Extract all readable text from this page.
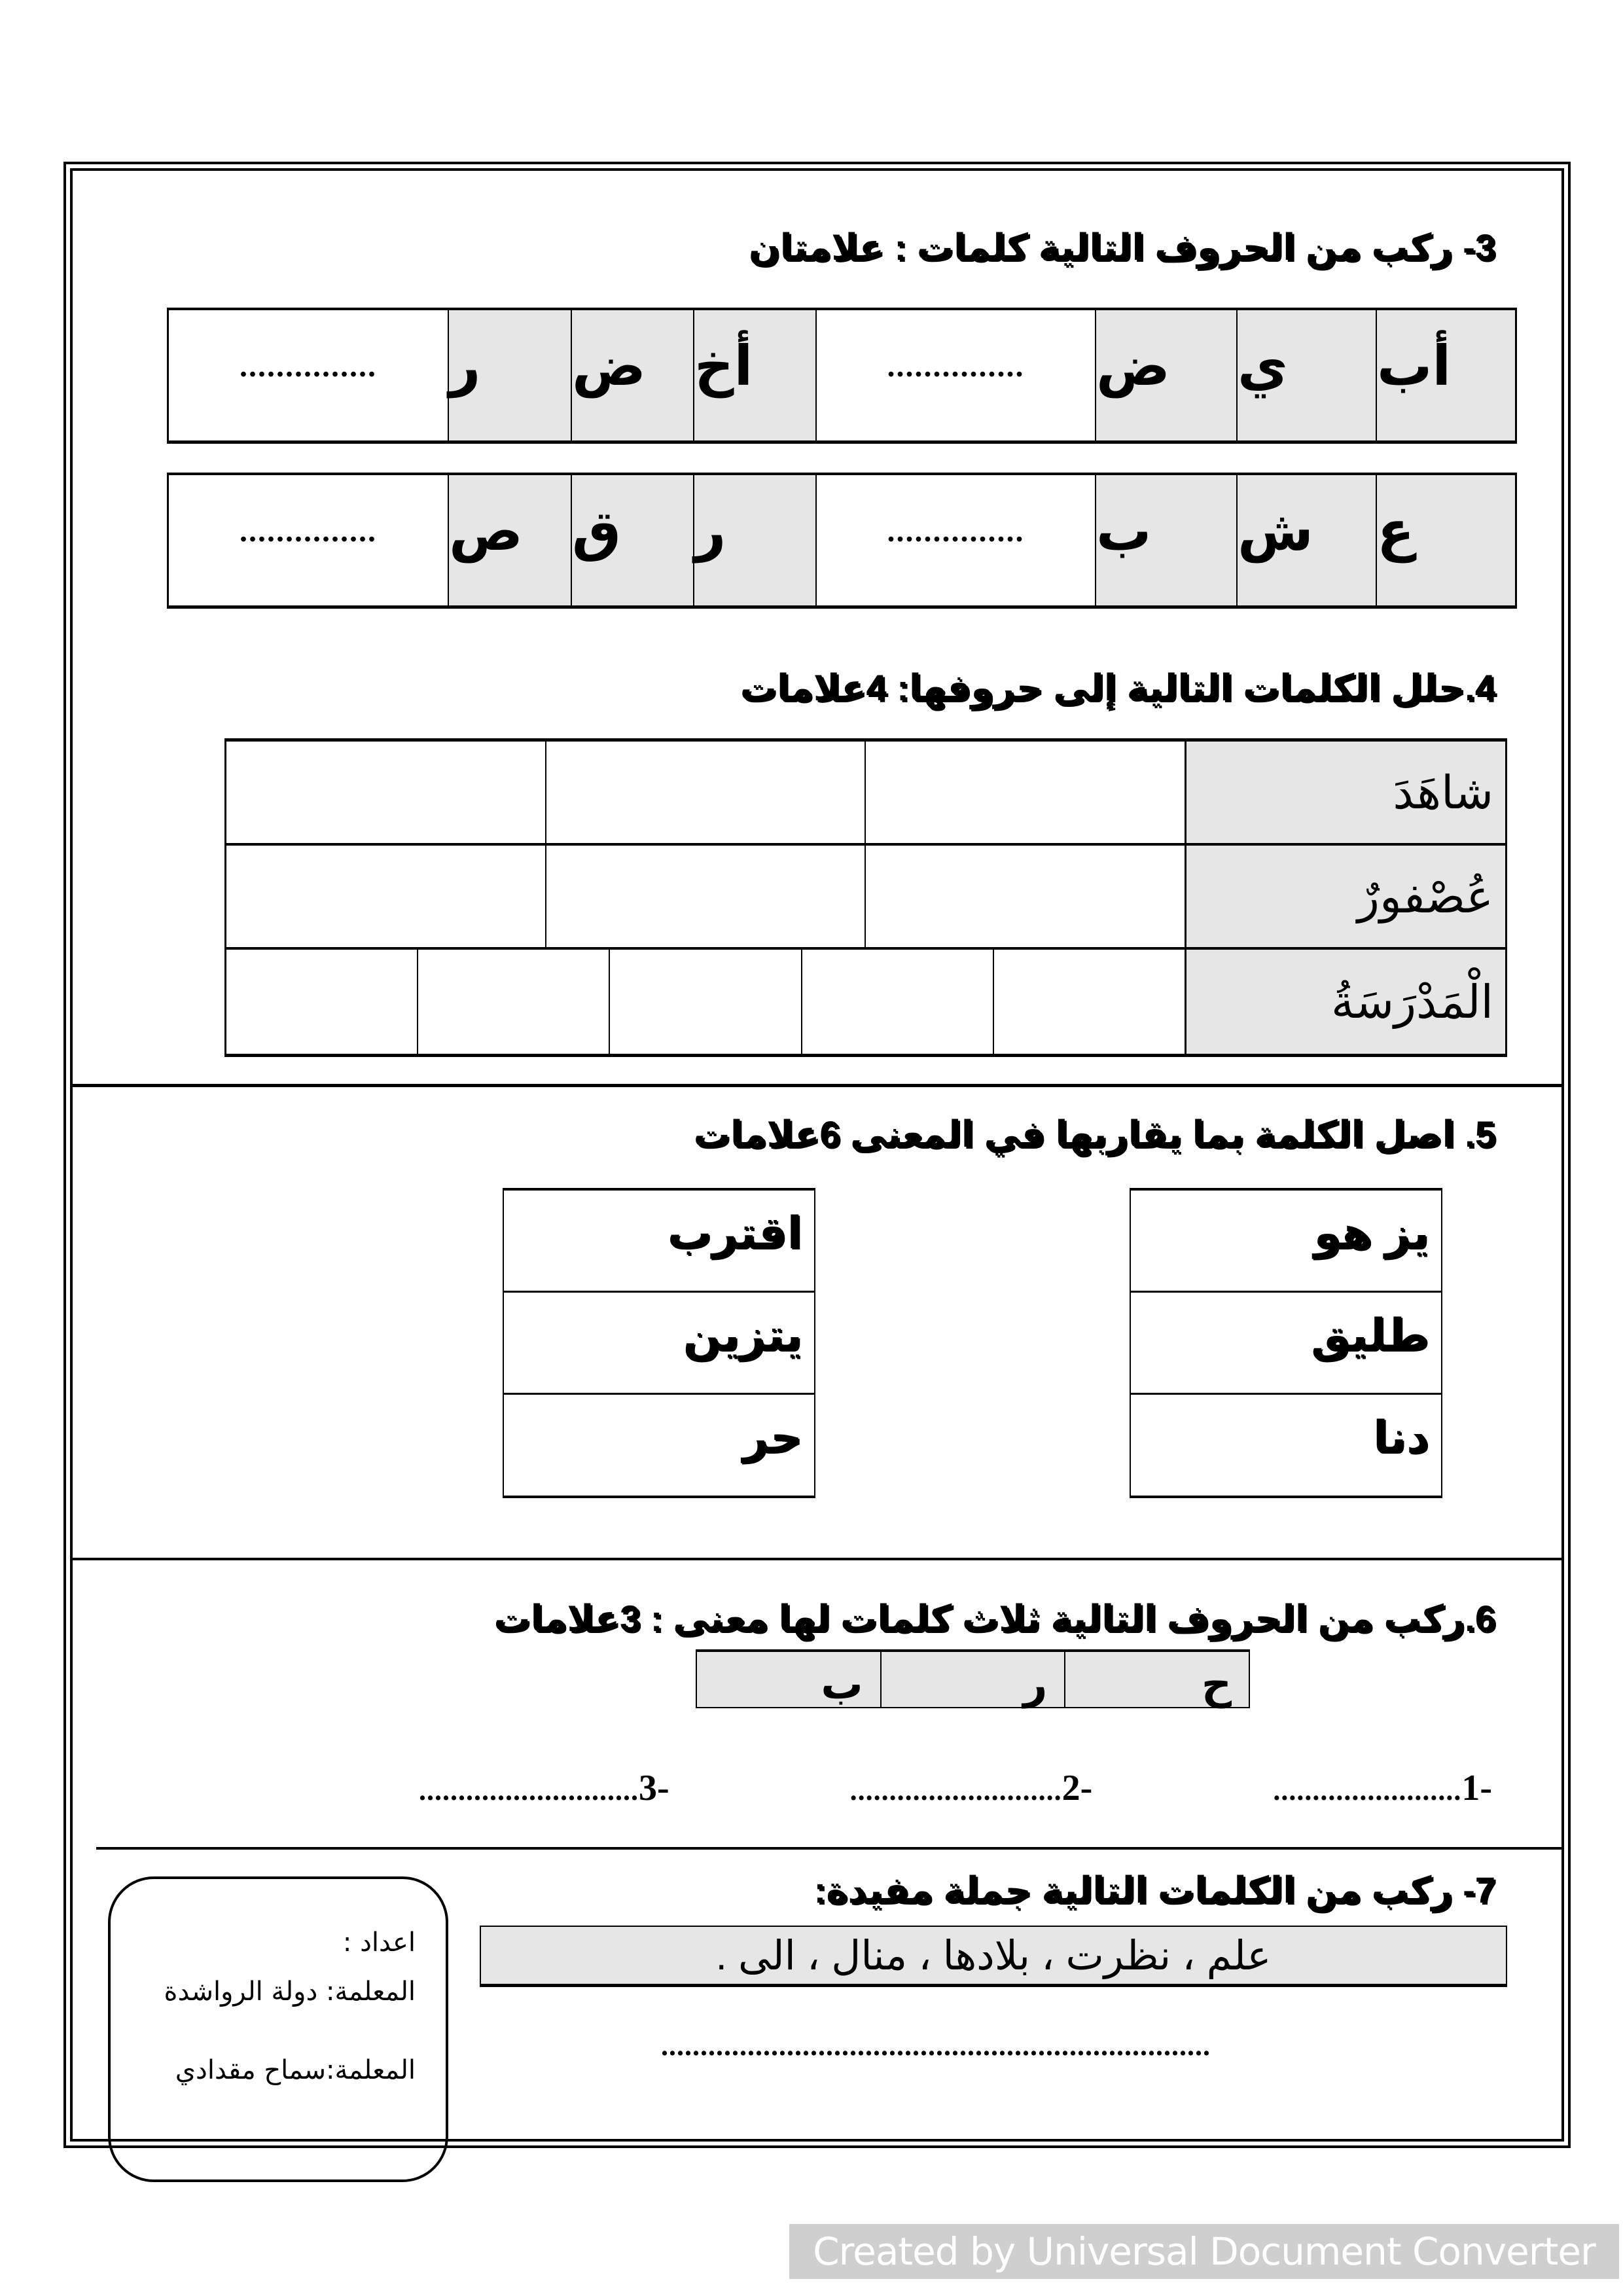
3- ركب من الحروف التالية كلمات : علامتان
أب
ي
ض
...............
أخ
ض
ر
...............
ع
ش
ب
...............
ر
ق
ص
...............
4.حلل الكلمات التالية إلى حروفها: 4علامات
شاهَدَ
عُصْفورٌ
الْمَدْرَسَةُ
5. اصل الكلمة بما يقاربها في المعنى 6علامات
يز هو
طليق
دنا
اقترب
يتزين
حر
6.ركب من الحروف التالية ثلاث كلمات لها معنى : 3علامات
ح
ر
ب
1-
........................
2-
...........................
3-
............................
7- ركب من الكلمات التالية جملة مفيدة:
علم ، نظرت ، بلادها ، منال ، الى .
......................................................................
اعداد :
المعلمة: دولة الرواشدة
المعلمة:سماح مقدادي
Created by Universal Document Converter
